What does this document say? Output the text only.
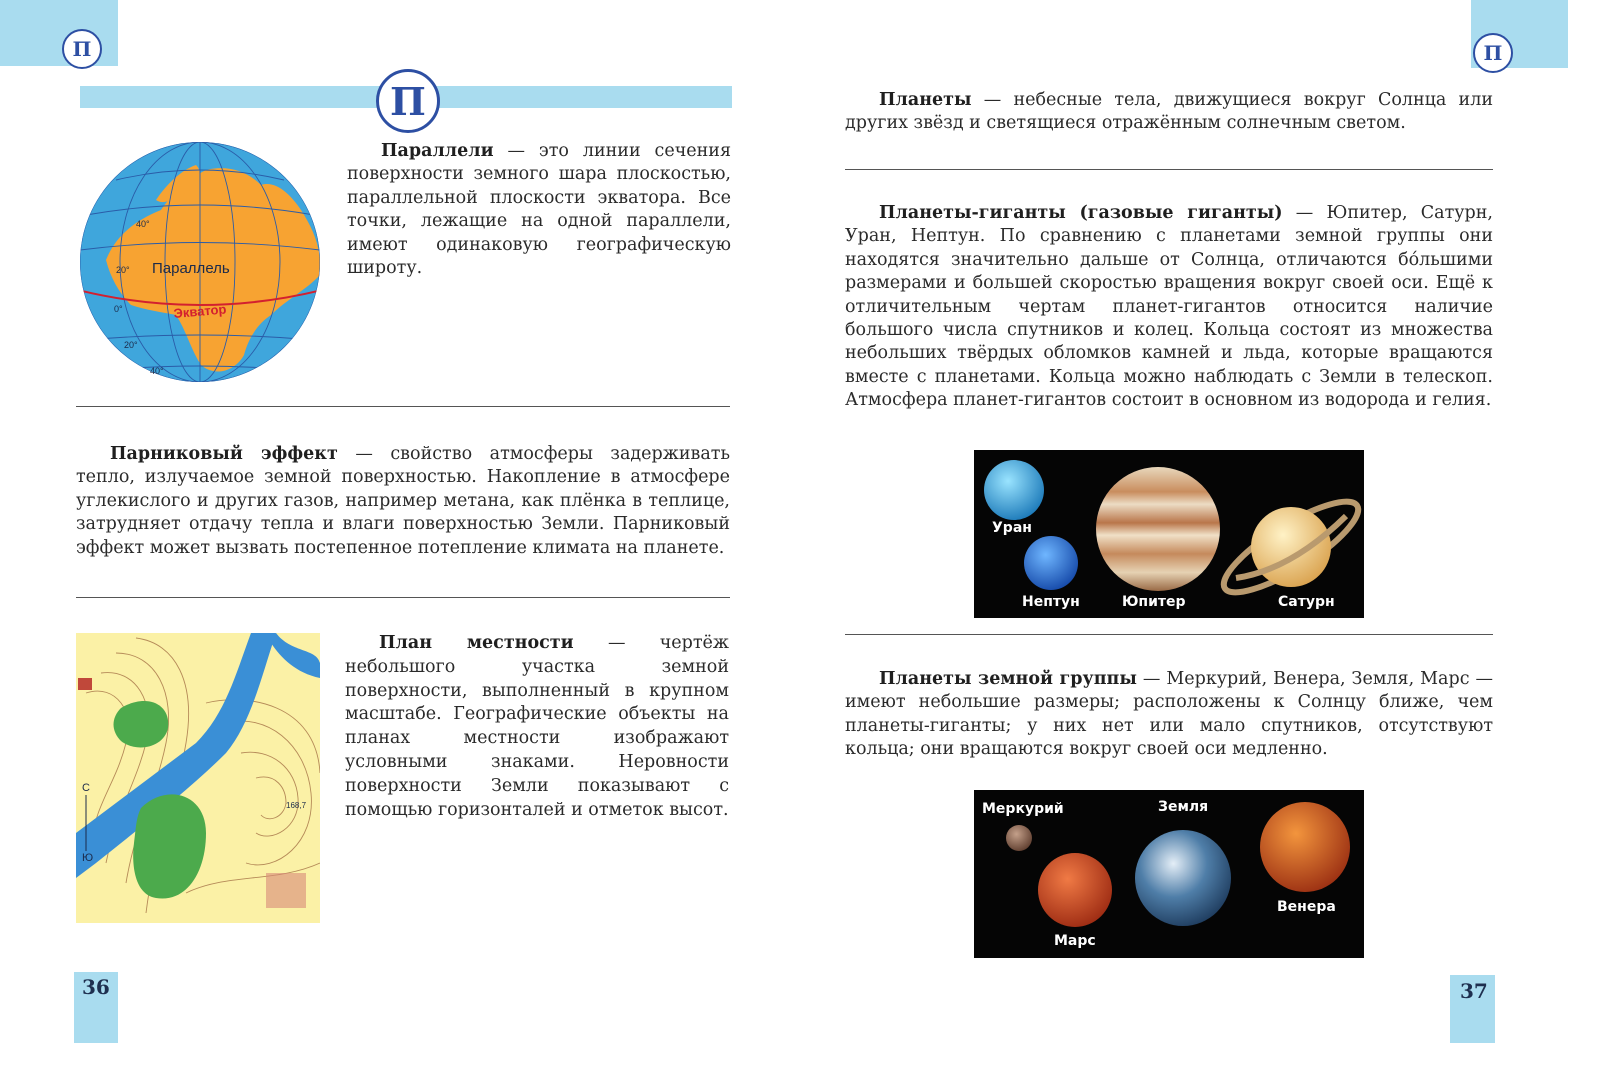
П	П
П
Параллель
Экватор
40°
20°
0°
20°
40°

Параллели — это линии сечения поверхности земного шара плоскостью, параллельной плоскости экватора. Все точки, лежащие на одной параллели, имеют одинаковую географическую широту.

Парниковый эффект — свойство атмосферы задерживать тепло, излучаемое земной поверхностью. Накопление в атмосфере углекислого и других газов, например метана, как плёнка в теплице, затрудняет отдачу тепла и влаги поверхностью Земли. Парниковый эффект может вызвать постепенное потепление климата на планете.

С
Ю
168,7

План местности — чертёж небольшого участка земной поверхности, выполненный в крупном масштабе. Географические объекты на планах местности изображают условными знаками. Неровности поверхности Земли показывают с помощью горизонталей и отметок высот.

36

Планеты — небесные тела, движущиеся вокруг Солнца или других звёзд и светящиеся отражённым солнечным светом.

Планеты-гиганты (газовые гиганты) — Юпитер, Сатурн, Уран, Нептун. По сравнению с планетами земной группы они находятся значительно дальше от Солнца, отличаются бо́льшими размерами и большей скоростью вращения вокруг своей оси. Ещё к отличительным чертам планет-гигантов относится наличие большого числа спутников и колец. Кольца состоят из множества небольших твёрдых обломков камней и льда, которые вращаются вместе с планетами. Кольца можно наблюдать с Земли в телескоп. Атмосфера планет-гигантов состоит в основном из водорода и гелия.

Уран
Нептун	Юпитер	Сатурн

Планеты земной группы — Меркурий, Венера, Земля, Марс — имеют небольшие размеры; расположены к Солнцу ближе, чем планеты-гиганты; у них нет или мало спутников, отсутствуют кольца; они вращаются вокруг своей оси медленно.

Меркурий	Земля
Венера
Марс
37
